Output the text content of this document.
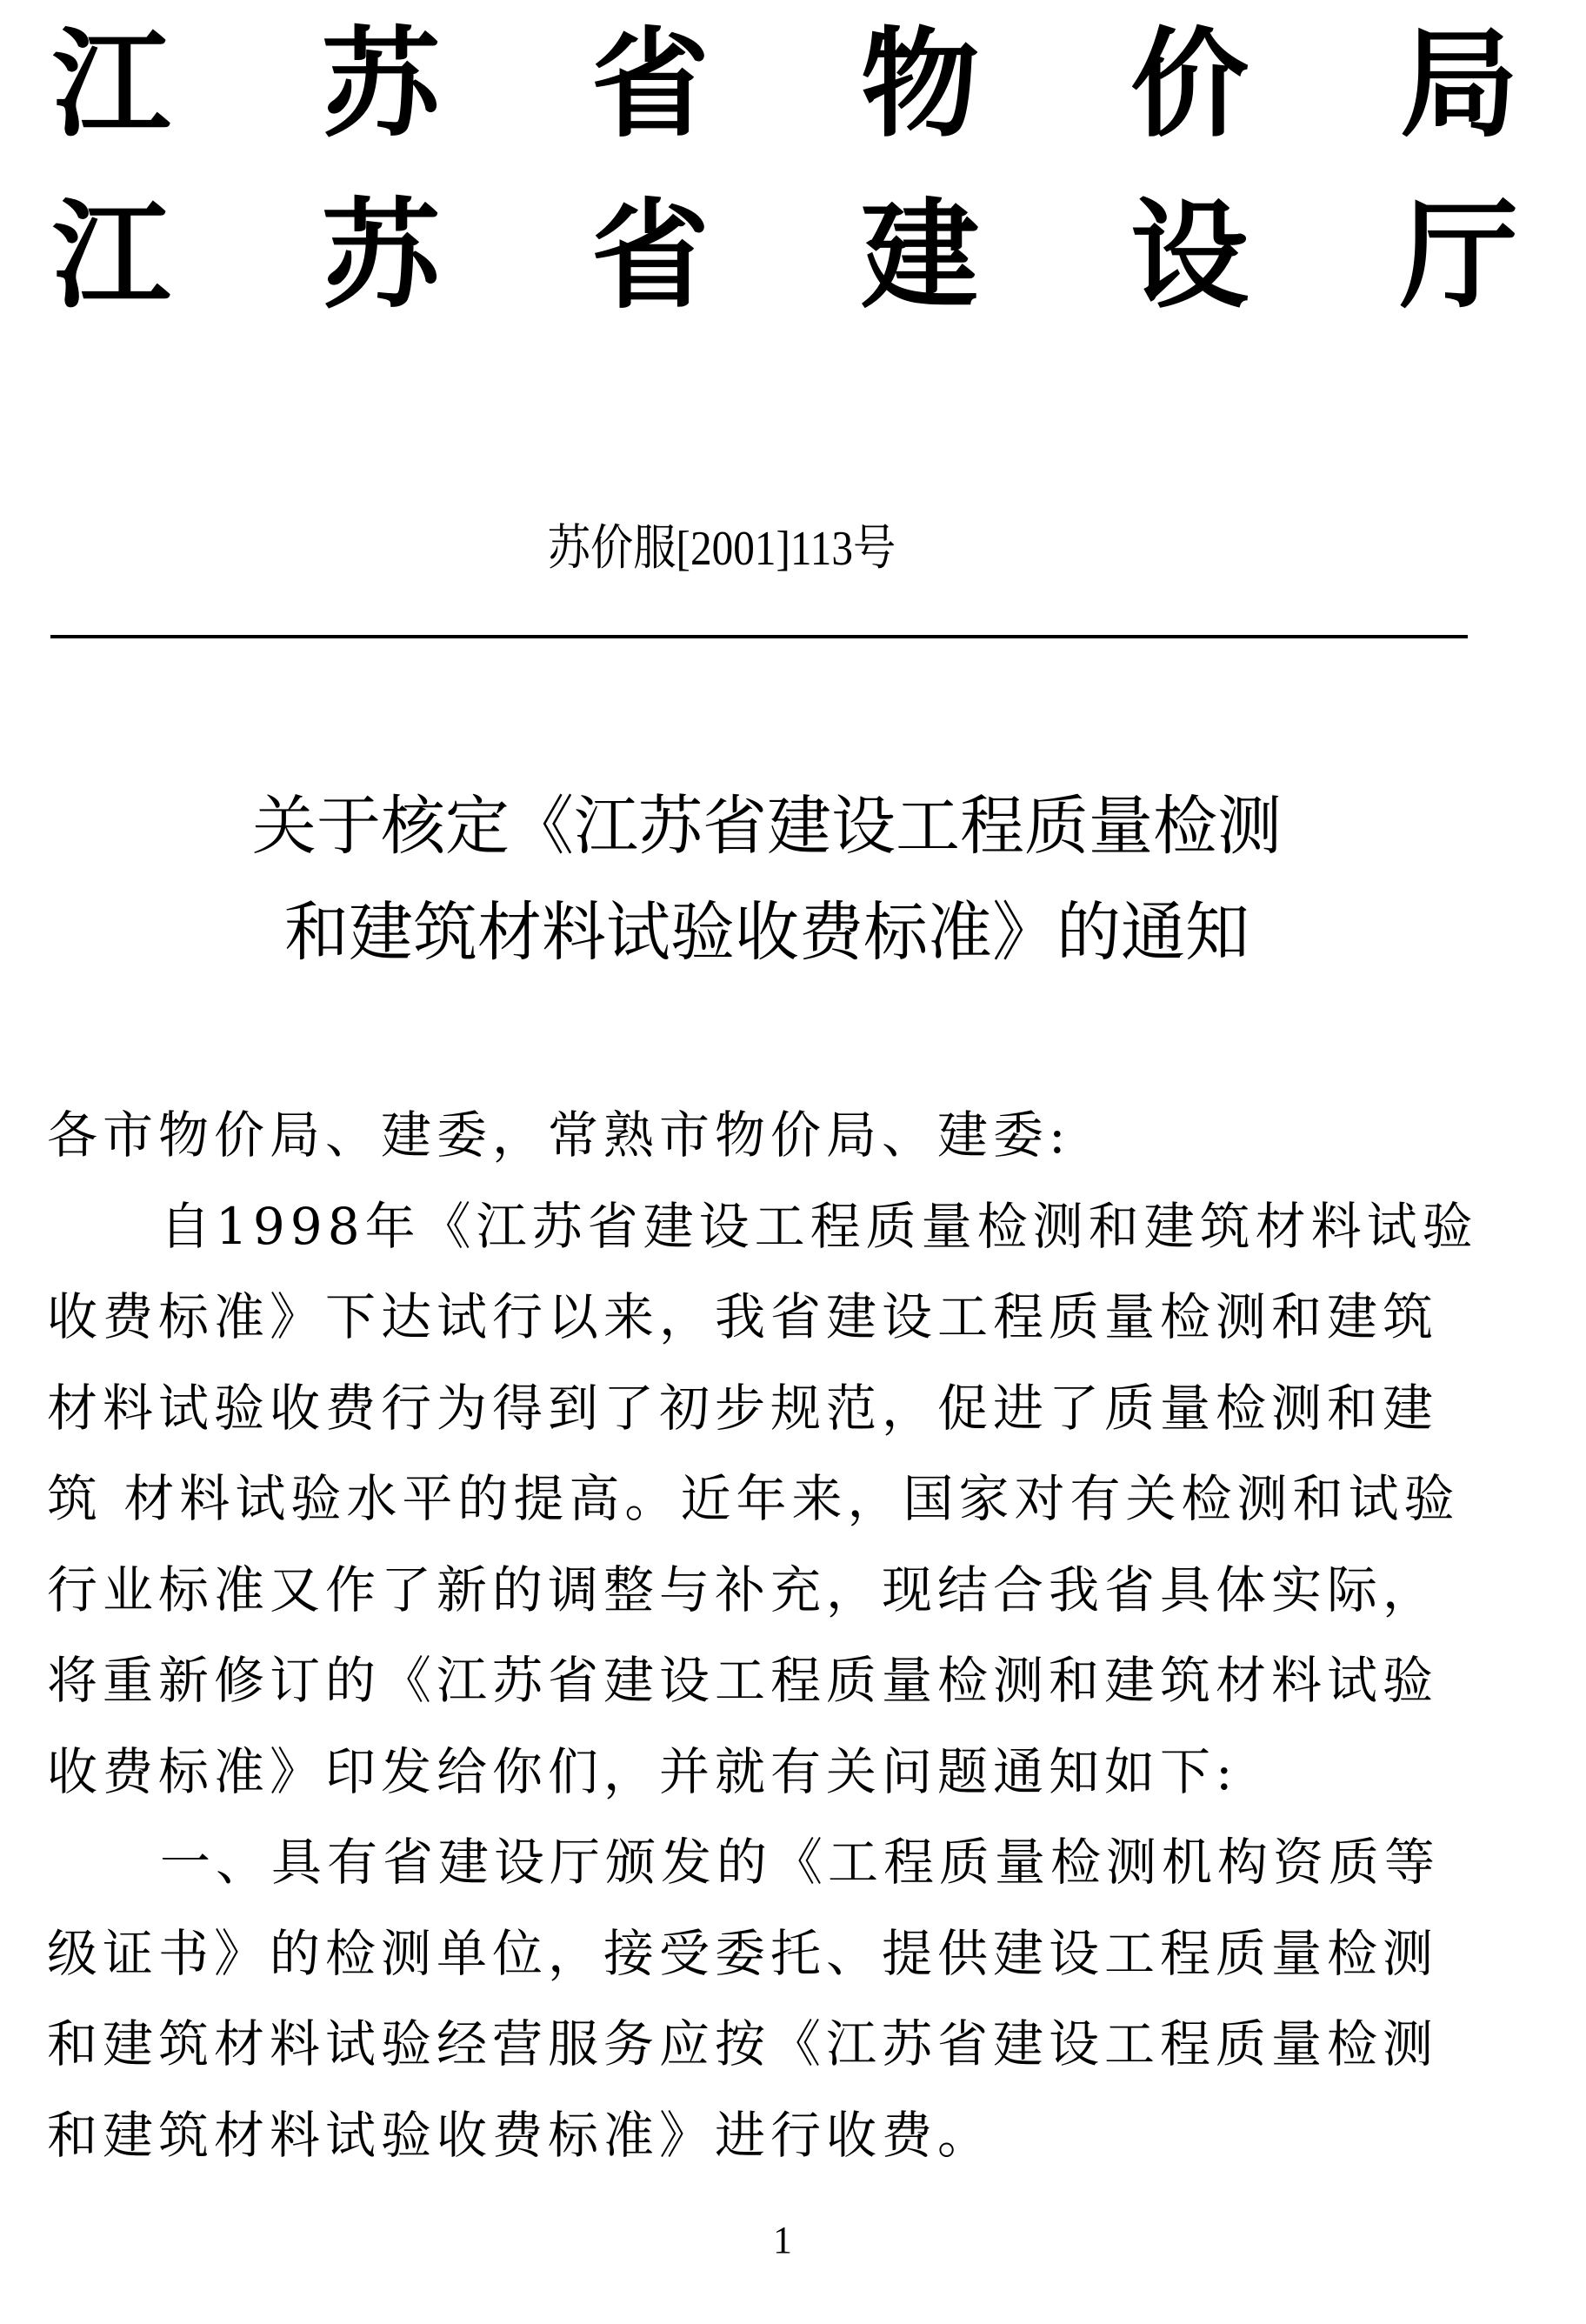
江 苏 省 物 价 局
江 苏 省 建 设 厅
苏价服[2001]113号
关于核定《江苏省建设工程质量检测
和建筑材料试验收费标准》的通知
各市物价局、建委，常熟市物价局、建委:
自1998年《江苏省建设工程质量检测和建筑材料试验
收费标准》下达试行以来，我省建设工程质量检测和建筑
材料试验收费行为得到了初步规范，促进了质量检测和建
筑 材料试验水平的提高。近年来，国家对有关检测和试验
行业标准又作了新的调整与补充，现结合我省具体实际，
将重新修订的《江苏省建设工程质量检测和建筑材料试验
收费标准》印发给你们，并就有关问题通知如下:
一、具有省建设厅颁发的《工程质量检测机构资质等
级证书》的检测单位，接受委托、提供建设工程质量检测
和建筑材料试验经营服务应按《江苏省建设工程质量检测
和建筑材料试验收费标准》进行收费。
1
